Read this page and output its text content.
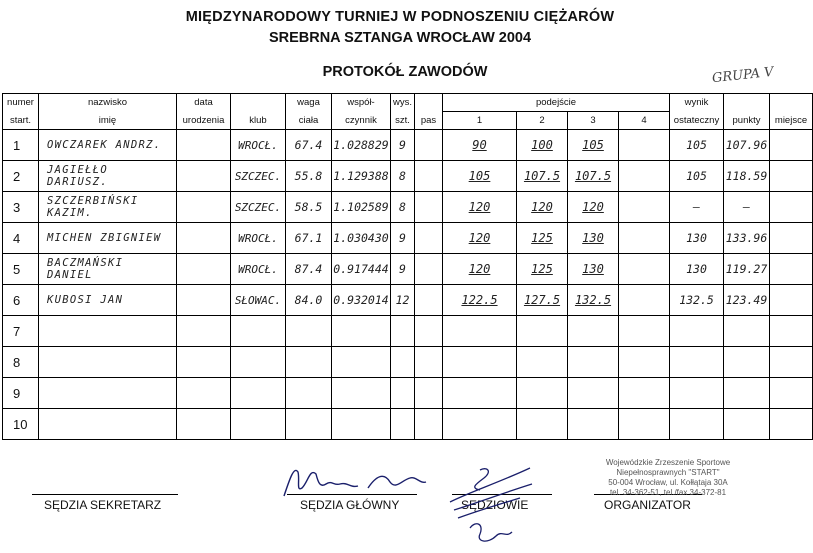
MIĘDZYNARODOWY TURNIEJ W PODNOSZENIU CIĘŻARÓW
SREBRNA SZTANGA WROCŁAW 2004
PROTOKÓŁ ZAWODÓW	GRUPA V
numer	nazwisko	data		waga	współ-	wys.		podejście				wynik		
start.	imię	urodzenia	klub	ciała	czynnik	szt.	pas	1	2	3	4	ostateczny	punkty	miejsce
1	OWCZAREK ANDRZ.		WROCŁ.	67.4	1.028829	9		90	100	105		105	107.96	
2	JAGIEŁŁO DARIUSZ.		SZCZEC.	55.8	1.129388	8		105	107.5	107.5		105	118.59	
3	SZCZERBIŃSKI KAZIM.		SZCZEC.	58.5	1.102589	8		120	120	120		—	—	
4	MICHEN ZBIGNIEW		WROCŁ.	67.1	1.030430	9		120	125	130		130	133.96	
5	BACZMAŃSKI DANIEL		WROCŁ.	87.4	0.917444	9		120	125	130		130	119.27	
6	KUBOSI JAN		SŁOWAC.	84.0	0.932014	12		122.5	127.5	132.5		132.5	123.49	
7														
8														
9														
10														
SĘDZIA SEKRETARZ	SĘDZIA GŁÓWNY	SĘDZIOWIE	ORGANIZATOR
Wojewódzkie Zrzeszenie Sportowe
Niepełnosprawnych "START"
50-004 Wrocław, ul. Kołłątaja 30A
tel. 34-362-51, tel./fax 34-372-81
